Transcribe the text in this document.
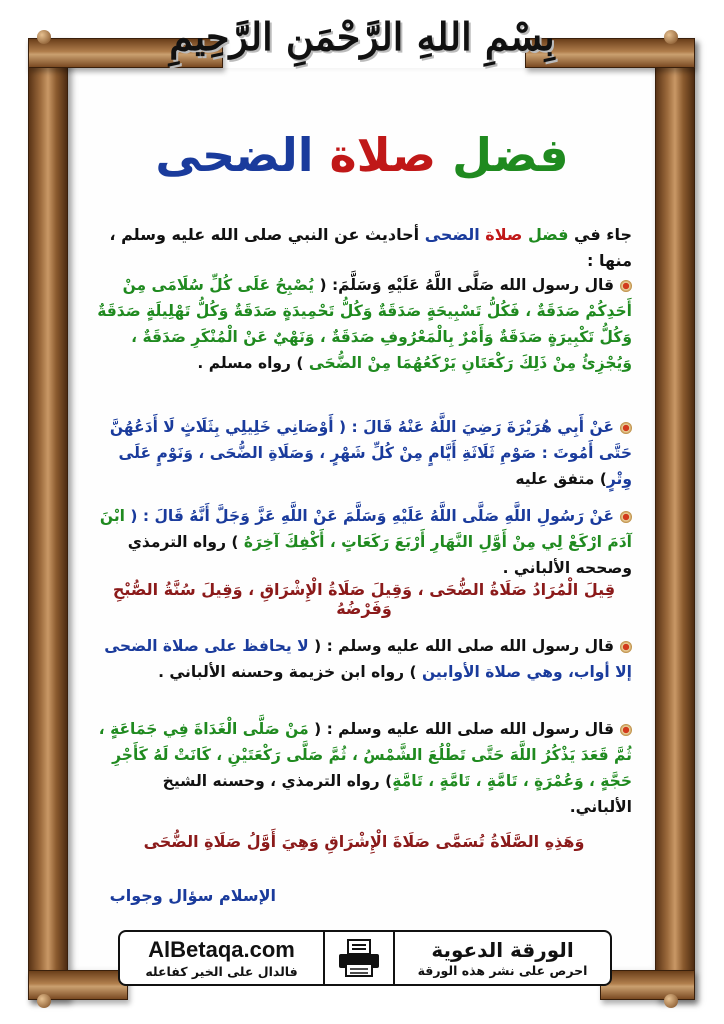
بِسْمِ اللهِ الرَّحْمَنِ الرَّحِيمِ
فضل صلاة الضحى
جاء في فضل صلاة الضحى أحاديث عن النبي صلى الله عليه وسلم ، منها :
قال رسول الله صَلَّى اللَّهُ عَلَيْهِ وَسَلَّمَ: ( يُصْبِحُ عَلَى كُلِّ سُلَامَى مِنْ أَحَدِكُمْ صَدَقَةٌ ، فَكُلُّ تَسْبِيحَةٍ صَدَقَةٌ وَكُلُّ تَحْمِيدَةٍ صَدَقَةٌ وَكُلُّ تَهْلِيلَةٍ صَدَقَةٌ وَكُلُّ تَكْبِيرَةٍ صَدَقَةٌ وَأَمْرٌ بِالْمَعْرُوفِ صَدَقَةٌ ، وَنَهْيٌ عَنْ الْمُنْكَرِ صَدَقَةٌ ، وَيُجْزِئُ مِنْ ذَلِكَ رَكْعَتَانِ يَرْكَعُهُمَا مِنْ الضُّحَى ) رواه مسلم .
عَنْ أَبِي هُرَيْرَةَ رَضِيَ اللَّهُ عَنْهُ قَالَ : ( أَوْصَانِي خَلِيلِي بِثَلَاثٍ لَا أَدَعُهُنَّ حَتَّى أَمُوتَ : صَوْمِ ثَلَاثَةِ أَيَّامٍ مِنْ كُلِّ شَهْرٍ ، وَصَلَاةِ الضُّحَى ، وَنَوْمٍ عَلَى وِتْرٍ) متفق عليه
عَنْ رَسُولِ اللَّهِ صَلَّى اللَّهُ عَلَيْهِ وَسَلَّمَ عَنْ اللَّهِ عَزَّ وَجَلَّ أَنَّهُ قَالَ : ( ابْنَ آدَمَ ارْكَعْ لِي مِنْ أَوَّلِ النَّهَارِ أَرْبَعَ رَكَعَاتٍ ، أَكْفِكَ آخِرَهُ ) رواه الترمذي وصححه الألباني .
قِيلَ الْمُرَادُ صَلَاةُ الضُّحَى ، وَقِيلَ صَلَاةُ الْإِشْرَاقِ ، وَقِيلَ سُنَّةُ الصُّبْحِ وَفَرْضُهُ
قال رسول الله صلى الله عليه وسلم : ( لا يحافظ على صلاة الضحى إلا أواب، وهي صلاة الأوابين ) رواه ابن خزيمة وحسنه الألباني .
قال رسول الله صلى الله عليه وسلم : ( مَنْ صَلَّى الْغَدَاةَ فِي جَمَاعَةٍ ، ثُمَّ قَعَدَ يَذْكُرُ اللَّهَ حَتَّى تَطْلُعَ الشَّمْسُ ، ثُمَّ صَلَّى رَكْعَتَيْنِ ، كَانَتْ لَهُ كَأَجْرِ حَجَّةٍ ، وَعُمْرَةٍ ، تَامَّةٍ ، تَامَّةٍ ، تَامَّةٍ) رواه الترمذي ، وحسنه الشيخ الألباني.
وَهَذِهِ الصَّلَاةُ تُسَمَّى صَلَاةَ الْإِشْرَاقِ وَهِيَ أَوَّلُ صَلَاةِ الضُّحَى
الإسلام سؤال وجواب
AlBetaqa.com
فالدال على الخير كفاعله
الورقة الدعوية
احرص على نشر هذه الورقة
